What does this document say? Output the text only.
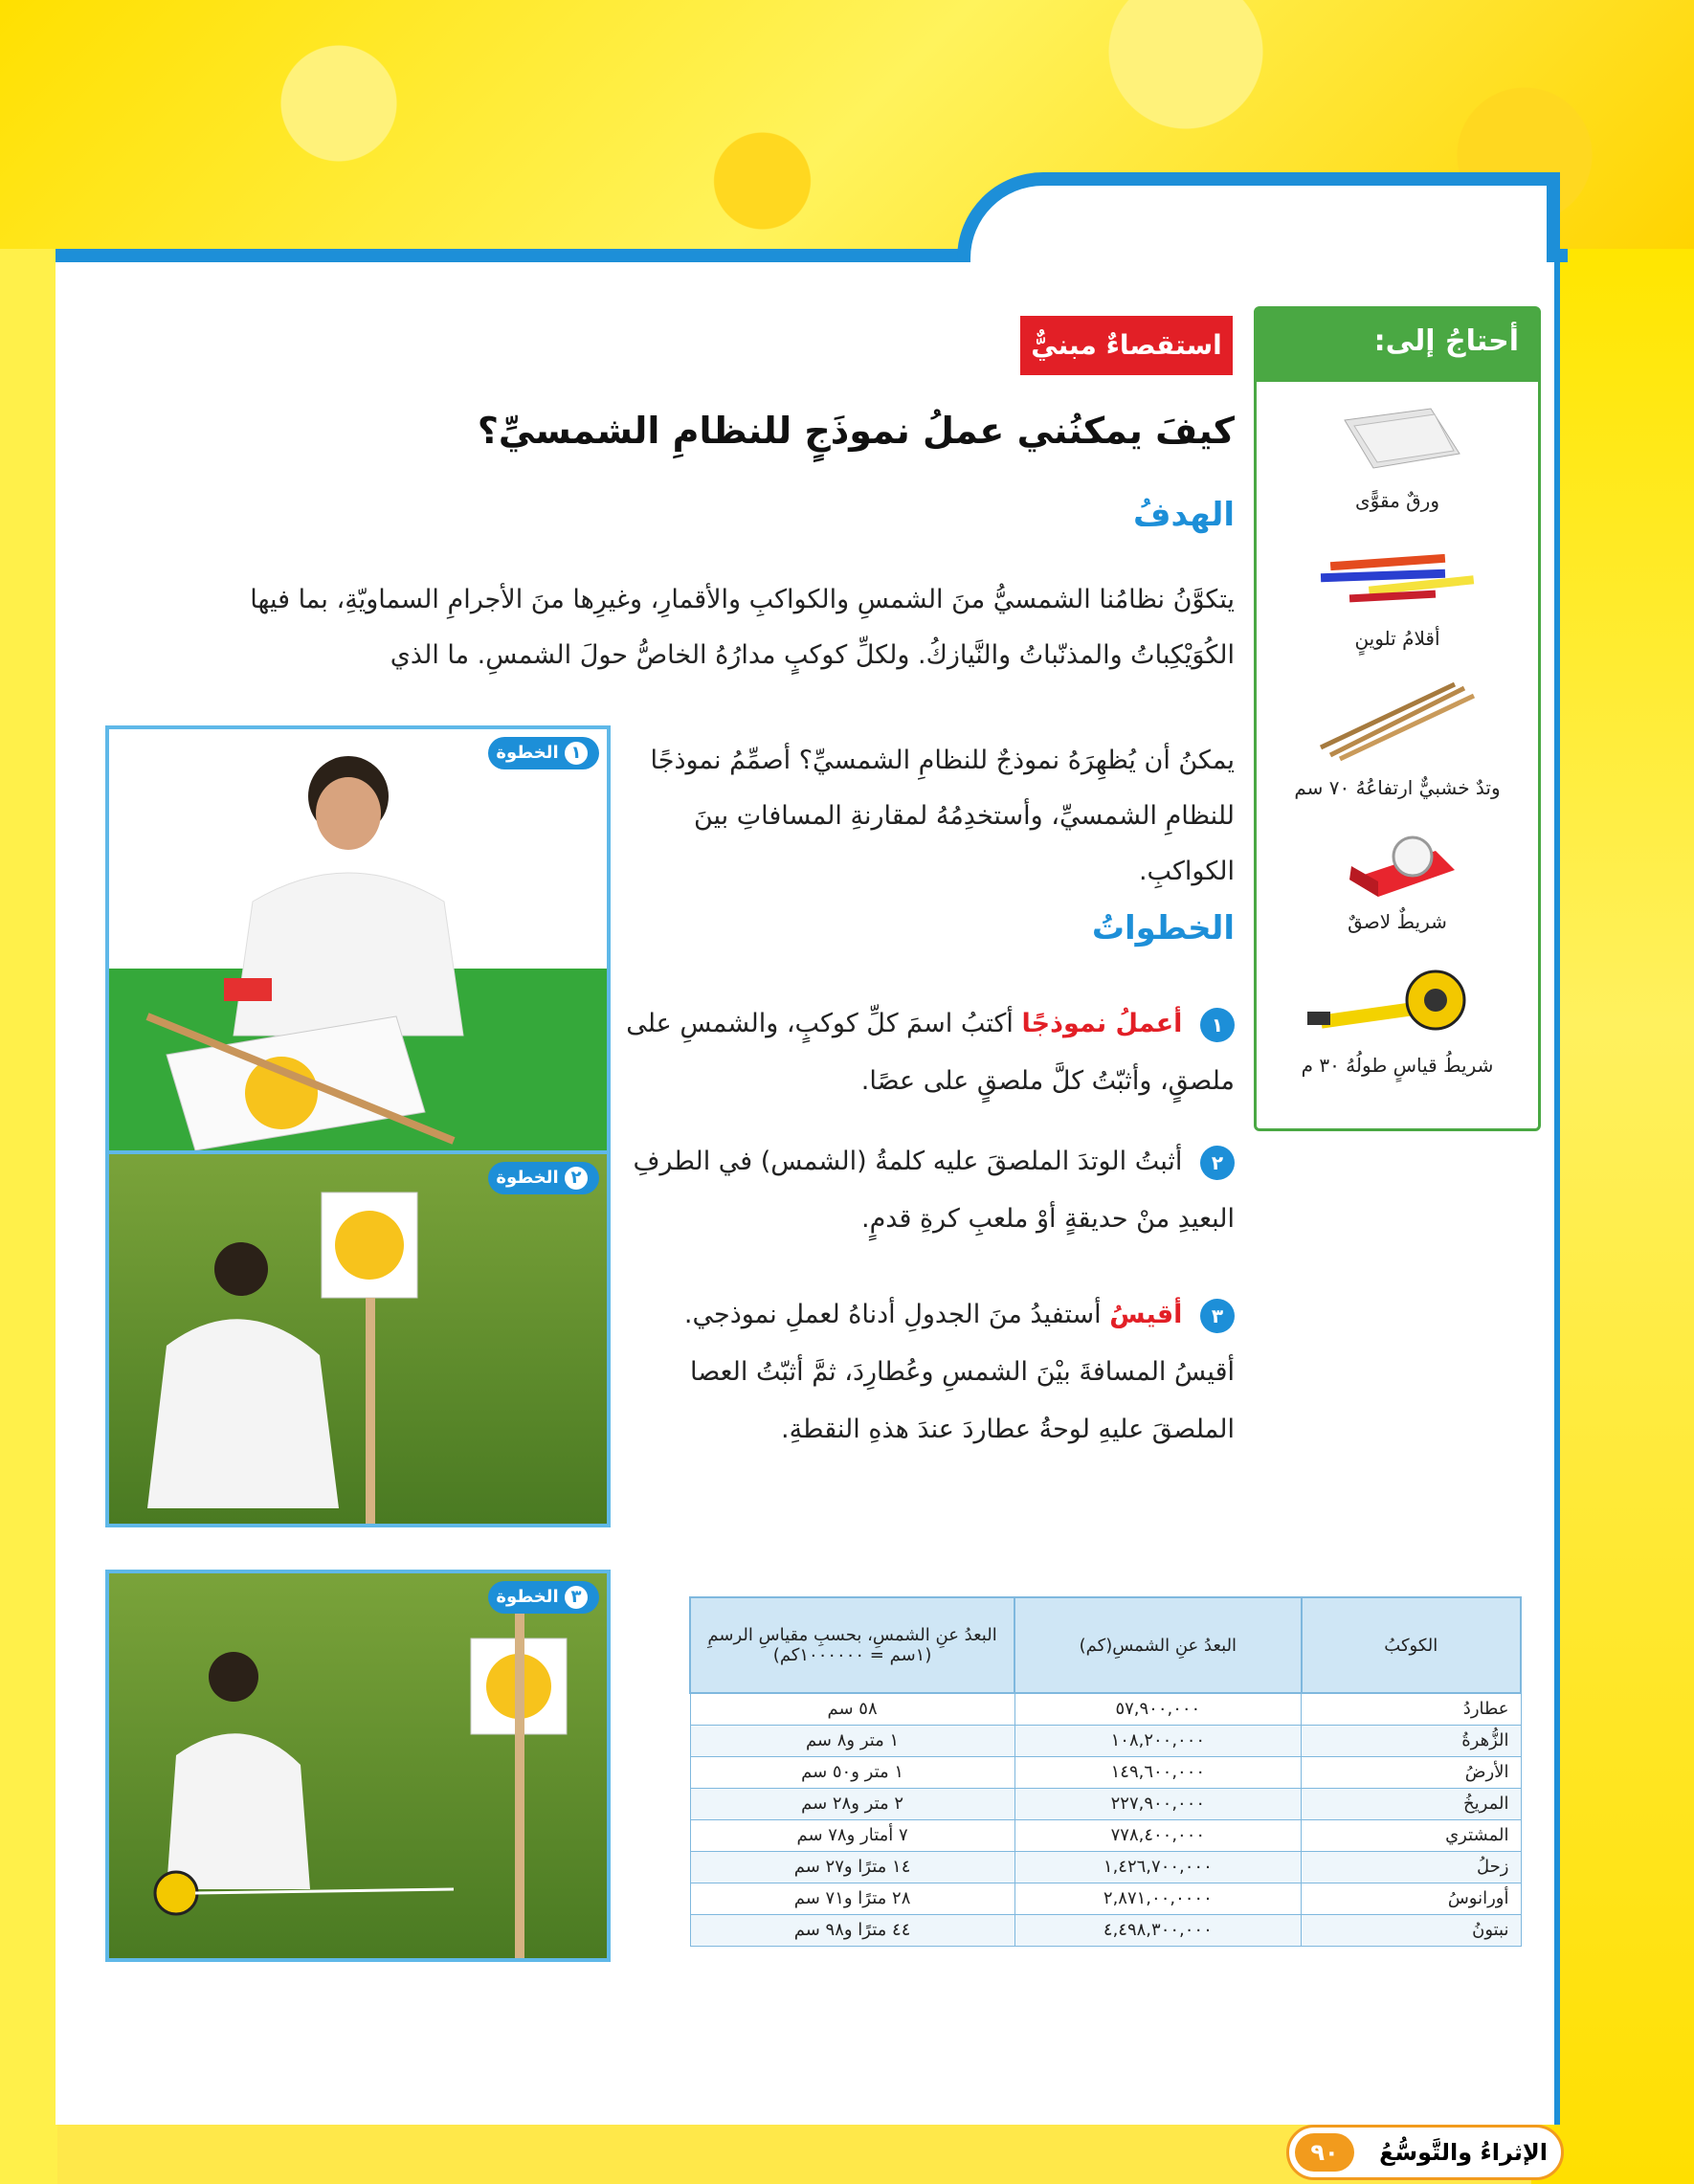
أحتاجُ إلى:
ورقٌ مقوًّى
أقلامُ تلوينٍ
وتدٌ خشبيٌّ ارتفاعُهُ ٧٠ سم
شريطٌ لاصقٌ
شريطُ قياسٍ طولُهُ ٣٠ م
استقصاءٌ مبنيٌّ
كيفَ يمكنُني عملُ نموذَجٍ للنظامِ الشمسيِّ؟
الهدفُ
يتكوَّنُ نظامُنا الشمسيُّ منَ الشمسِ والكواكبِ والأقمارِ، وغيرِها منَ الأجرامِ السماويّةِ، بما فيها الكُوَيْكِباتُ والمذنّباتُ والنَّيازكُ. ولكلِّ كوكبٍ مدارُهُ الخاصُّ حولَ الشمسِ. ما الذي
يمكنُ أن يُظهِرَهُ نموذجٌ للنظامِ الشمسيِّ؟ أصمِّمُ نموذجًا للنظامِ الشمسيِّ، وأستخدِمُهُ لمقارنةِ المسافاتِ بينَ الكواكبِ.
الخطواتُ
١ أعملُ نموذجًا أكتبُ اسمَ كلِّ كوكبٍ، والشمسِ على ملصقٍ، وأثبّتُ كلَّ ملصقٍ على عصًا.
٢ أثبتُ الوتدَ الملصقَ عليه كلمةُ (الشمس) في الطرفِ البعيدِ منْ حديقةٍ أوْ ملعبِ كرةِ قدمٍ.
٣ أقيسُ أستفيدُ منَ الجدولِ أدناهُ لعملِ نموذجي. أقيسُ المسافةَ بيْنَ الشمسِ وعُطارِدَ، ثمَّ أثبّتُ العصا الملصقَ عليهِ لوحةُ عطاردَ عندَ هذهِ النقطةِ.
الخطوة ١
الخطوة ٢
الخطوة ٣
الكوكبُ	البعدُ عنِ الشمسِ(كم)	البعدُ عنِ الشمسِ، بحسبِ مقياسِ الرسمِ (١سم = ١٠٠٠٠٠٠كم)
عطاردُ	٥٧,٩٠٠,٠٠٠	٥٨ سم
الزُّهرةُ	١٠٨,٢٠٠,٠٠٠	١ متر و٨ سم
الأرضُ	١٤٩,٦٠٠,٠٠٠	١ متر و٥٠ سم
المريخُ	٢٢٧,٩٠٠,٠٠٠	٢ متر و٢٨ سم
المشتري	٧٧٨,٤٠٠,٠٠٠	٧ أمتار و٧٨ سم
زحلُ	١,٤٢٦,٧٠٠,٠٠٠	١٤ مترًا و٢٧ سم
أورانوسُ	٢,٨٧١,٠٠,٠٠٠٠	٢٨ مترًا و٧١ سم
نبتونُ	٤,٤٩٨,٣٠٠,٠٠٠	٤٤ مترًا و٩٨ سم
الإثراءُ والتَّوسُّعُ
٩٠
